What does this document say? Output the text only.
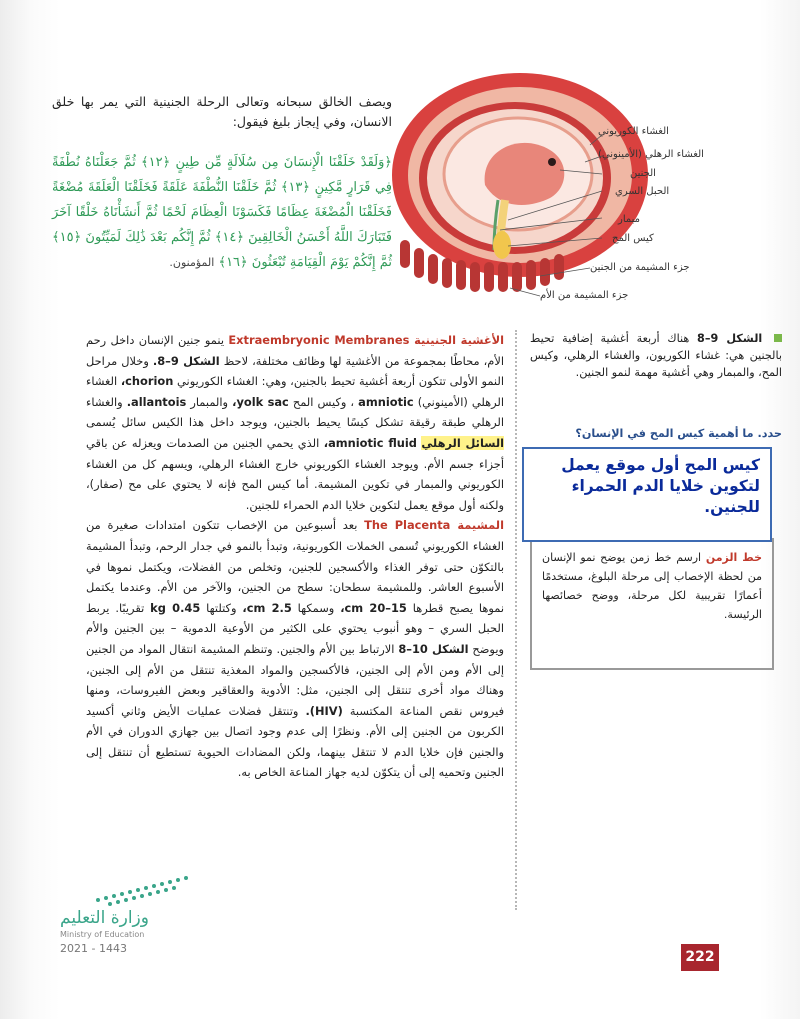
الغشاء الكوريوني
الغشاء الرهلي (الأمينوني)
الجنين
الحبل السري
مبمار
كيس المح
جزء المشيمة من الجنين
جزء المشيمة من الأم
ويصف الخالق سبحانه وتعالى الرحلة الجنينية التي يمر بها خلق الانسان، وفي إيجاز بليغ فيقول:
﴿وَلَقَدْ خَلَقْنَا الْإِنسَانَ مِن سُلَالَةٍ مِّن طِينٍ ﴿١٢﴾ ثُمَّ جَعَلْنَاهُ نُطْفَةً فِي قَرَارٍ مَّكِينٍ ﴿١٣﴾ ثُمَّ خَلَقْنَا النُّطْفَةَ عَلَقَةً فَخَلَقْنَا الْعَلَقَةَ مُضْغَةً فَخَلَقْنَا الْمُضْغَةَ عِظَامًا فَكَسَوْنَا الْعِظَامَ لَحْمًا ثُمَّ أَنشَأْنَاهُ خَلْقًا آخَرَ فَتَبَارَكَ اللَّهُ أَحْسَنُ الْخَالِقِينَ ﴿١٤﴾ ثُمَّ إِنَّكُم بَعْدَ ذَٰلِكَ لَمَيِّتُونَ ﴿١٥﴾ ثُمَّ إِنَّكُمْ يَوْمَ الْقِيَامَةِ تُبْعَثُونَ ﴿١٦﴾ المؤمنون.
الشكل 9–8 هناك أربعة أغشية إضافية تحيط بالجنين هي: غشاء الكوريون، والغشاء الرهلي، وكيس المح، والمبمار وهي أغشية مهمة لنمو الجنين.
حدد. ما أهمية كيس المح في الإنسان؟
كيس المح أول موقع يعمل لتكوين خلايا الدم الحمراء للجنين.
خط الزمن ارسم خط زمن يوضح نمو الإنسان من لحظة الإخصاب إلى مرحلة البلوغ، مستخدمًا أعمارًا تقريبية لكل مرحلة، ووضح خصائصها الرئيسة.

الأغشية الجنينية Extraembryonic Membranes ينمو جنين الإنسان داخل رحم الأم، محاطًا بمجموعة من الأغشية لها وظائف مختلفة، لاحظ الشكل 9–8. وخلال مراحل النمو الأولى تتكون أربعة أغشية تحيط بالجنين، وهي: الغشاء الكوريوني chorion، الغشاء الرهلي (الأمينوني) amniotic ، وكيس المح yolk sac، والمبمار allantois. والغشاء الرهلي طبقة رقيقة تشكل كيسًا يحيط بالجنين، ويوجد داخل هذا الكيس سائل يُسمى السائل الرهلي amniotic fluid، الذي يحمي الجنين من الصدمات ويعزله عن باقي أجزاء جسم الأم. ويوجد الغشاء الكوريوني خارج الغشاء الرهلي، ويسهم كل من الغشاء الكوريوني والمبمار في تكوين المشيمة. أما كيس المح فإنه لا يحتوي على مح (صفار)، ولكنه أول موقع يعمل لتكوين خلايا الدم الحمراء للجنين.

المشيمة The Placenta بعد أسبوعين من الإخصاب تتكون امتدادات صغيرة من الغشاء الكوريوني تُسمى الخملات الكوريونية، وتبدأ بالنمو في جدار الرحم، وتبدأ المشيمة بالتكوّن حتى توفر الغذاء والأكسجين للجنين، وتخلص من الفضلات، ويكتمل نموها في الأسبوع العاشر. وللمشيمة سطحان: سطح من الجنين، والآخر من الأم. وعندما يكتمل نموها يصبح قطرها 15–20 cm، وسمكها 2.5 cm، وكتلتها 0.45 kg تقريبًا. يربط الحبل السري – وهو أنبوب يحتوي على الكثير من الأوعية الدموية – بين الجنين والأم ويوضح الشكل 10–8 الارتباط بين الأم والجنين. وتنظم المشيمة انتقال المواد من الجنين إلى الأم ومن الأم إلى الجنين، فالأكسجين والمواد المغذية تنتقل من الأم إلى الجنين، وهناك مواد أخرى تنتقل إلى الجنين، مثل: الأدوية والعقاقير وبعض الفيروسات، ومنها فيروس نقص المناعة المكتسبة (HIV). وتنتقل فضلات عمليات الأيض وثاني أكسيد الكربون من الجنين إلى الأم. ونظرًا إلى عدم وجود اتصال بين جهازي الدوران في الأم والجنين فإن خلايا الدم لا تنتقل بينهما، ولكن المضادات الحيوية تستطيع أن تنتقل إلى الجنين وتحميه إلى أن يتكوّن لديه جهاز المناعة الخاص به.

وزارة التعليم
Ministry of Education
2021 - 1443
222
